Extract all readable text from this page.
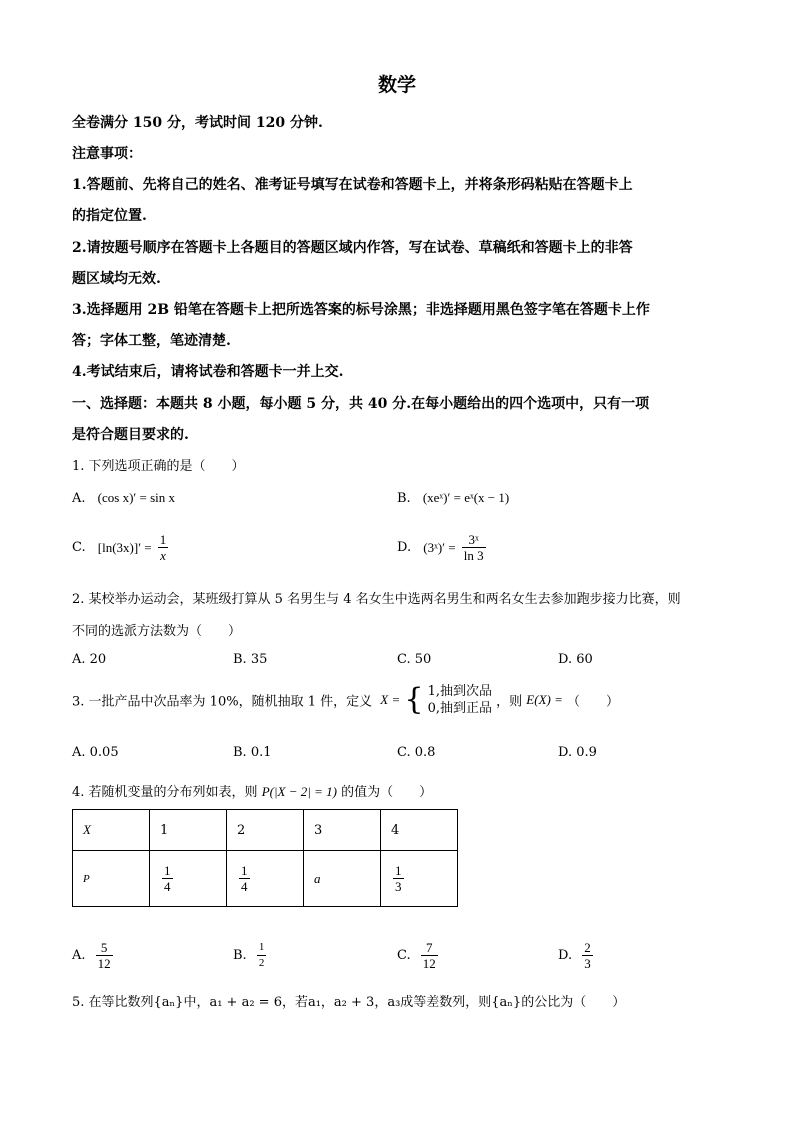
数学
全卷满分 150 分，考试时间 120 分钟.
注意事项：
1.答题前、先将自己的姓名、准考证号填写在试卷和答题卡上，并将条形码粘贴在答题卡上
的指定位置.
2.请按题号顺序在答题卡上各题目的答题区域内作答，写在试卷、草稿纸和答题卡上的非答
题区域均无效.
3.选择题用 2B 铅笔在答题卡上把所选答案的标号涂黑；非选择题用黑色签字笔在答题卡上作
答；字体工整，笔迹清楚.
4.考试结束后，请将试卷和答题卡一并上交.
一、选择题：本题共 8 小题，每小题 5 分，共 40 分.在每小题给出的四个选项中，只有一项
是符合题目要求的.
1. 下列选项正确的是（　　）
A. (cos x)′ = sin x	B. (xeˣ)′ = eˣ(x − 1)
C. $[\ln(3x)]' = \frac{1}{x}$	D. (3ˣ)′ = $\frac{\text{3ˣ}}{\ln 3}$
2. 某校举办运动会，某班级打算从 5 名男生与 4 名女生中选两名男生和两名女生去参加跑步接力比赛，则
不同的选派方法数为（　　）
A. 20	B. 35	C. 50	D. 60
3. 一批产品中次品率为 10%，随机抽取 1 件，定义 X = { 1,抽到次品
0,抽到正品 ，则 E(X) = （　　）
A. 0.05	B. 0.1	C. 0.8	D. 0.9
4. 若随机变量的分布列如表，则 P(|X − 2| = 1) 的值为（　　）
X	1	2	3	4
P	$\frac{1}{4}$	$\frac{1}{4}$	a	$\frac{1}{3}$
A. $\frac{5}{12}$	B. $\frac{1}{2}$	C. $\frac{7}{12}$	D. $\frac{2}{3}$
5. 在等比数列{aₙ}中，a₁ + a₂ = 6，若a₁，a₂ + 3，a₃成等差数列，则{aₙ}的公比为（　　）
